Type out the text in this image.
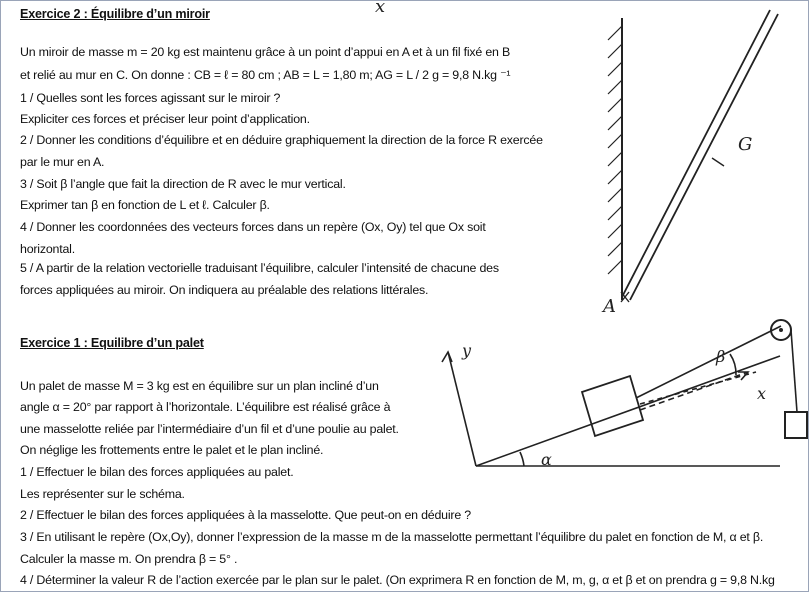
Exercice 2 : Équilibre d’un miroir
Un miroir de masse m = 20 kg est maintenu grâce à un point d’appui en A et à un fil fixé en B
et relié au mur en C. On donne : CB = ℓ = 80 cm ; AB = L = 1,80 m; AG = L / 2 g = 9,8 N.kg ⁻¹
1 / Quelles sont les forces agissant sur le miroir ?
Expliciter ces forces et préciser leur point d’application.
2 / Donner les conditions d’équilibre et en déduire graphiquement la direction de la force R exercée
par le mur en A.
3 / Soit β l’angle que fait la direction de R avec le mur vertical.
Exprimer tan β en fonction de L et ℓ. Calculer β.
4 / Donner les coordonnées des vecteurs forces dans un repère (Ox, Oy) tel que Ox soit
horizontal.
5 / A partir de la relation vectorielle traduisant l’équilibre, calculer l’intensité de chacune des
forces appliquées au miroir. On indiquera au préalable des relations littérales.
Exercice 1 : Equilibre d’un palet
Un palet de masse M = 3 kg est en équilibre sur un plan incliné d’un
angle α = 20° par rapport à l’horizontale. L’équilibre est réalisé grâce à
une masselotte reliée par l’intermédiaire d’un fil et d’une poulie au palet.
On néglige les frottements entre le palet et le plan incliné.
1 / Effectuer le bilan des forces appliquées au palet.
Les représenter sur le schéma.
2 / Effectuer le bilan des forces appliquées à la masselotte. Que peut-on en déduire ?
3 / En utilisant le repère (Ox,Oy), donner l’expression de la masse m de la masselotte permettant l’équilibre du palet en fonction de M, α et β.
Calculer la masse m. On prendra β = 5° .
4 / Déterminer la valeur R de l’action exercée par le plan sur le palet. (On exprimera R en fonction de M, m, g, α et β et on prendra g = 9,8 N.kg
G
A
x
y
x
α
β
